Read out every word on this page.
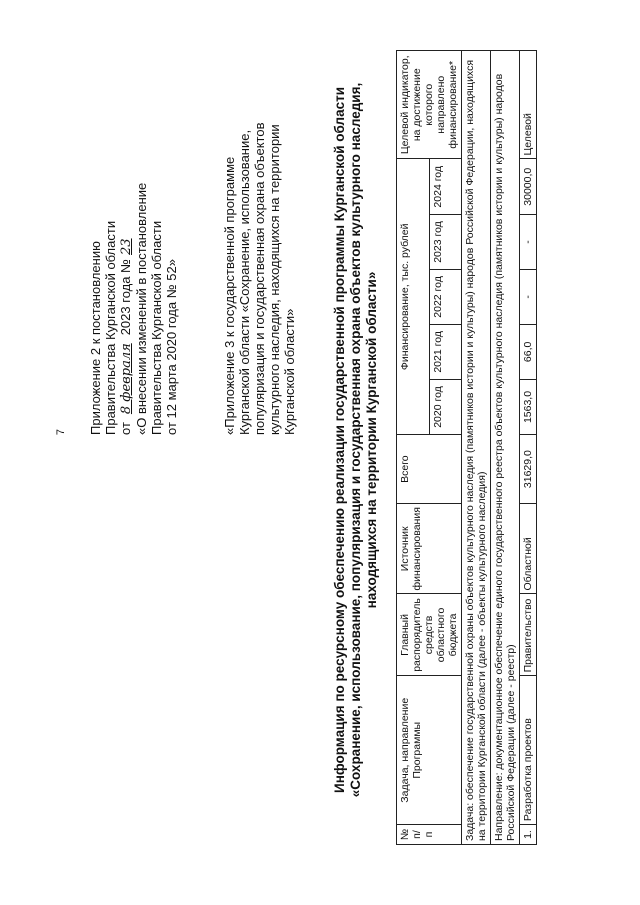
7 Приложение 2 к постановлению Правительства Курганской области от8 февраля2023 года №23 «О внесении изменений в постановление Правительства Курганской области от 12 марта 2020 года № 52»	«Приложение 3 к государственной программе Курганской области «Сохранение, использование, популяризация и государственная охрана объектов культурного наследия, находящихся на территории Курганской области»	Информация по ресурсному обеспечению реализации государственной программы Курганской области «Сохранение, использование, популяризация и государственная охрана объектов культурного наследия, находящихся на территории Курганской области»
№ п/п	Задача, направление Программы	Главный распорядитель средств областного бюджета	Источник финансирования	Всего	Финансирование, тыс. рублей					Целевой индикатор, на достижение которого направлено финансирование*
					2020 год	2021 год	2022 год	2023 год	2024 год	
Задача: обеспечение государственной охраны объектов культурного наследия (памятников истории и культуры) народов Российской Федерации, находящихся на территории Курганской области (далее - объекты культурного наследия)										
Направление: документационное обеспечение единого государственного реестра объектов культурного наследия (памятников истории и культуры) народов Российской Федерации (далее - реестр)										
1.	Разработка проектов	Правительство	Областной	31629,0	1563,0	66,0	-	-	30000,0	Целевой
